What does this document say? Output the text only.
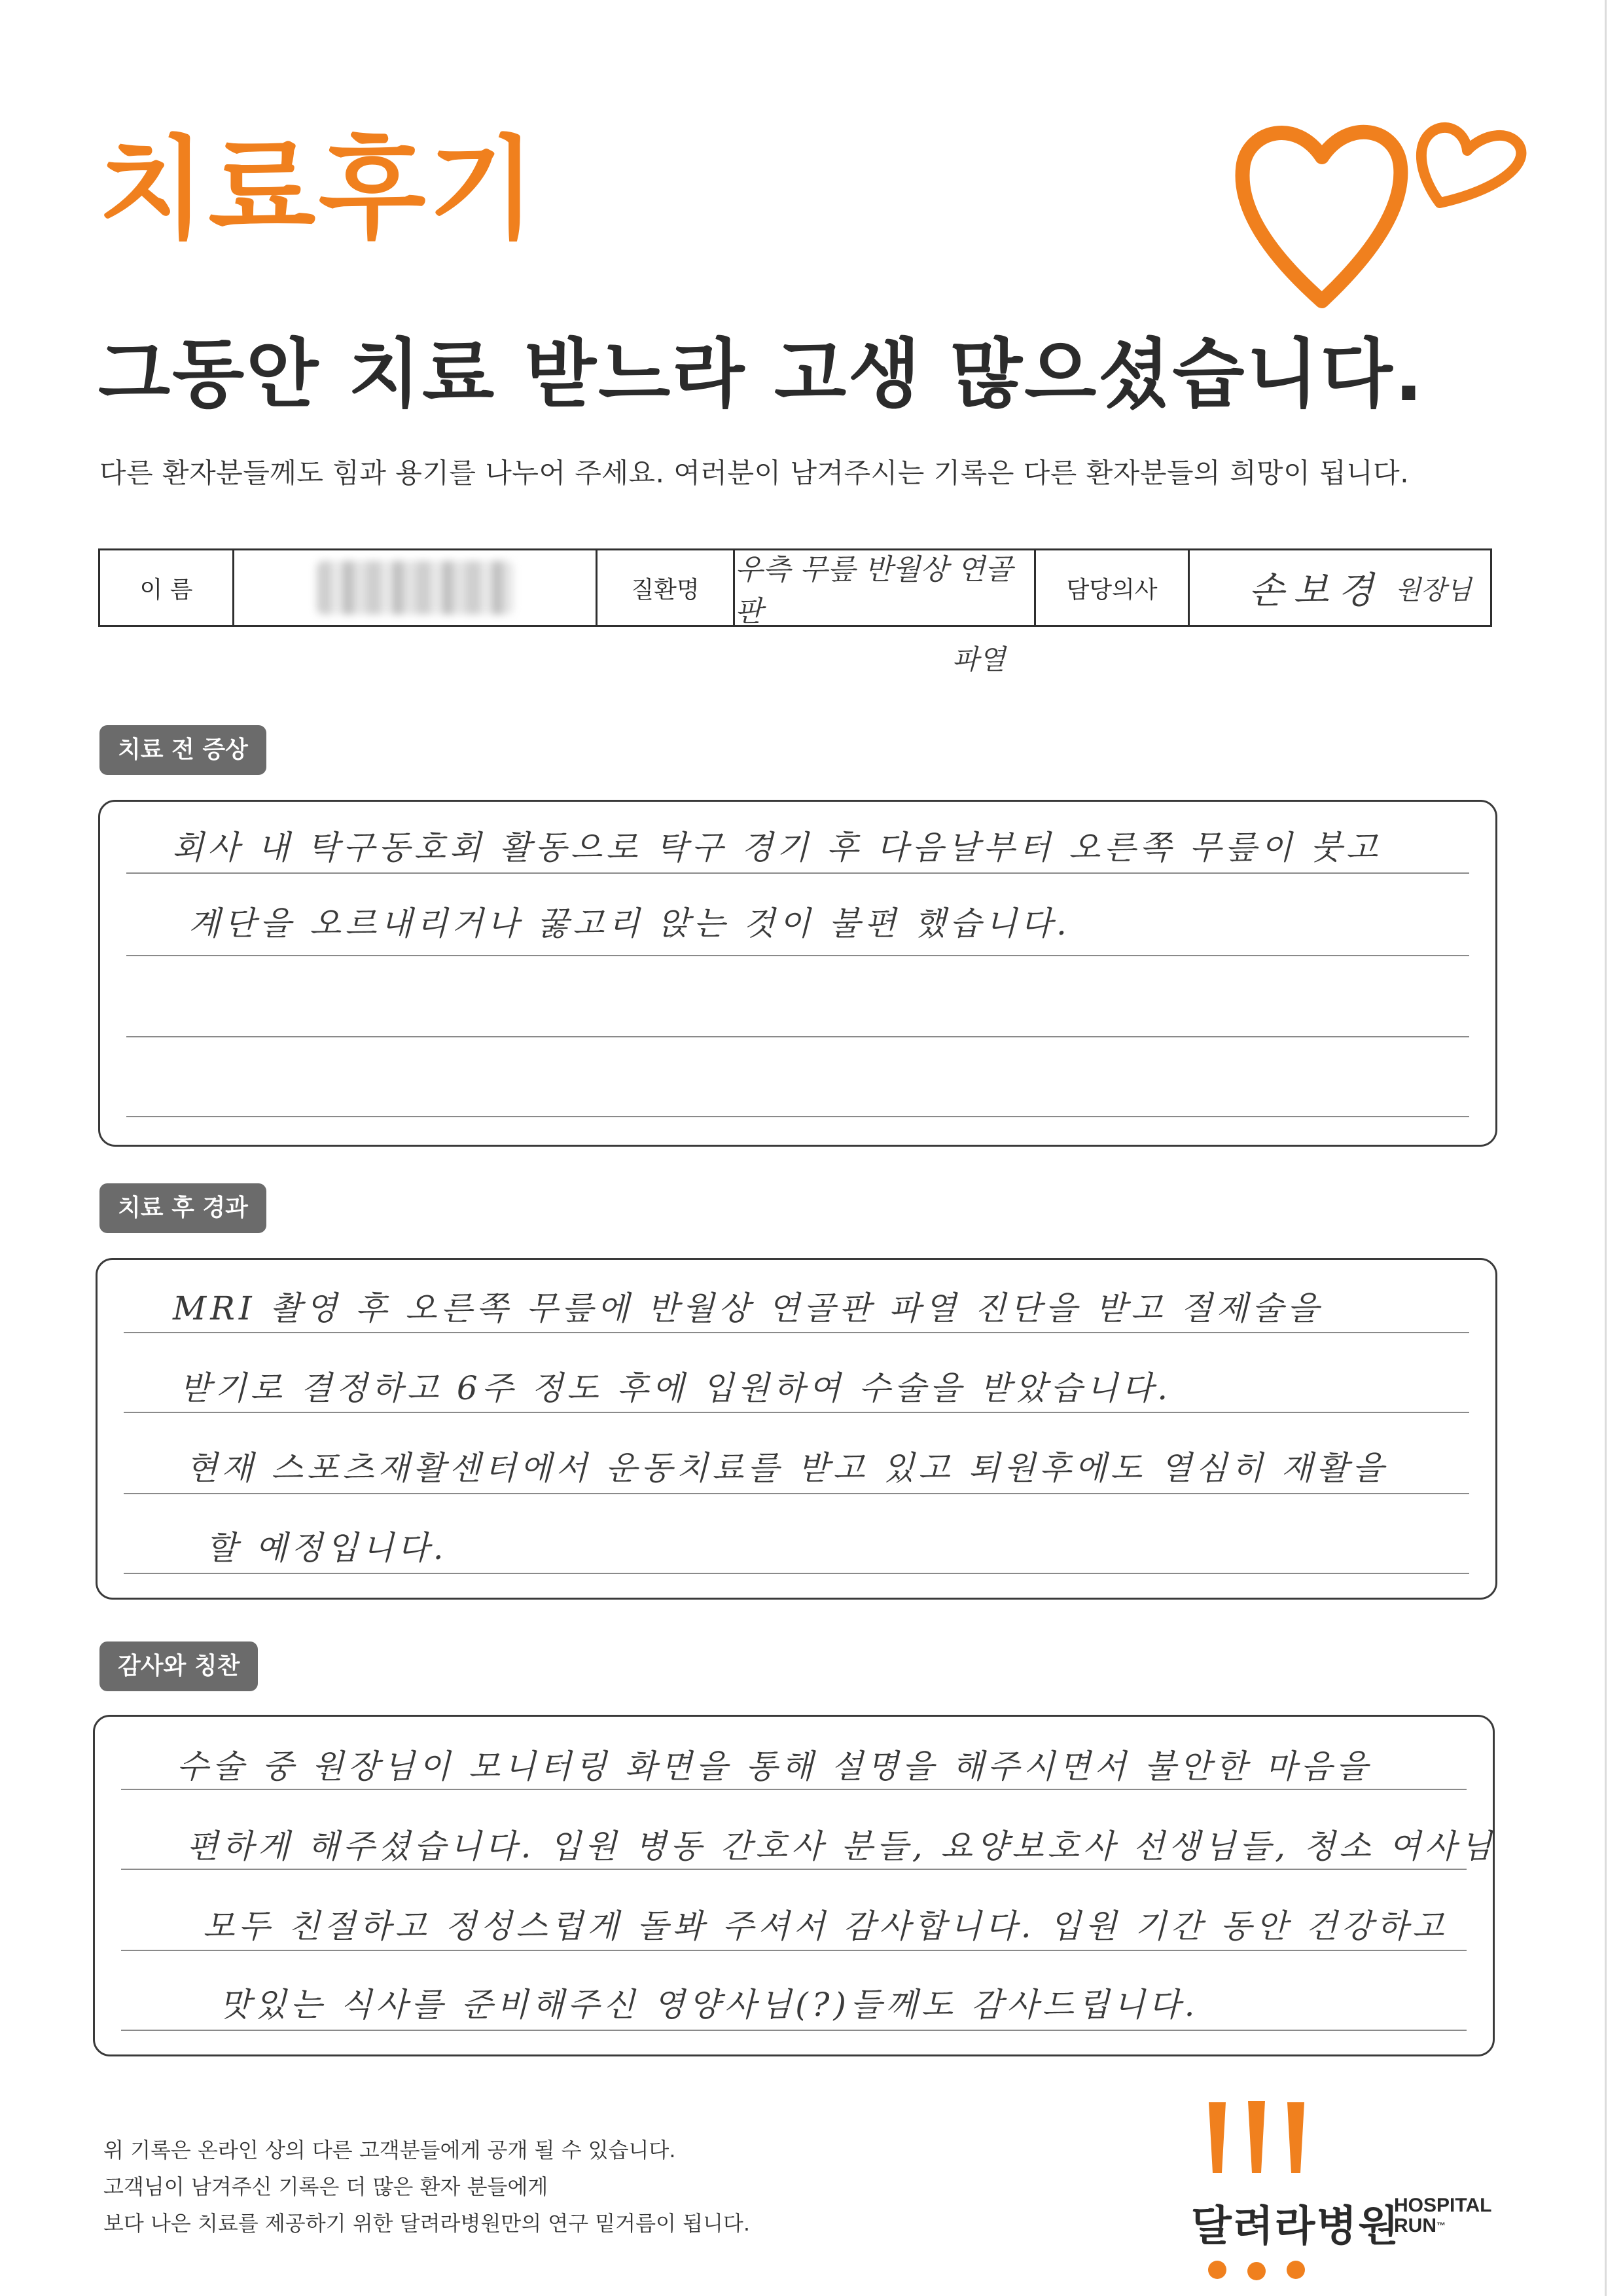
치료후기
그동안 치료 받느라 고생 많으셨습니다.
다른 환자분들께도 힘과 용기를 나누어 주세요. 여러분이 남겨주시는 기록은 다른 환자분들의 희망이 됩니다.
이 름	질환명
우측 무릎 반월상 연골판
담당의사 손보경 원장님
파열
치료 전 증상
회사 내 탁구동호회 활동으로 탁구 경기 후 다음날부터 오른쪽 무릎이 붓고
계단을 오르내리거나 꿇고리 앉는 것이 불편 했습니다.
치료 후 경과
MRI 촬영 후 오른쪽 무릎에 반월상 연골판 파열 진단을 받고 절제술을
받기로 결정하고 6주 정도 후에 입원하여 수술을 받았습니다.
현재 스포츠재활센터에서 운동치료를 받고 있고 퇴원후에도 열심히 재활을
할 예정입니다.
감사와 칭찬
수술 중 원장님이 모니터링 화면을 통해 설명을 해주시면서 불안한 마음을
편하게 해주셨습니다. 입원 병동 간호사 분들, 요양보호사 선생님들, 청소 여사님
모두 친절하고 정성스럽게 돌봐 주셔서 감사합니다. 입원 기간 동안 건강하고
맛있는 식사를 준비해주신 영양사님(?)들께도 감사드립니다.
위 기록은 온라인 상의 다른 고객분들에게 공개 될 수 있습니다.
고객님이 남겨주신 기록은 더 많은 환자 분들에게
보다 나은 치료를 제공하기 위한 달려라병원만의 연구 밑거름이 됩니다.	달려라병원
HOSPITAL
RUN™
